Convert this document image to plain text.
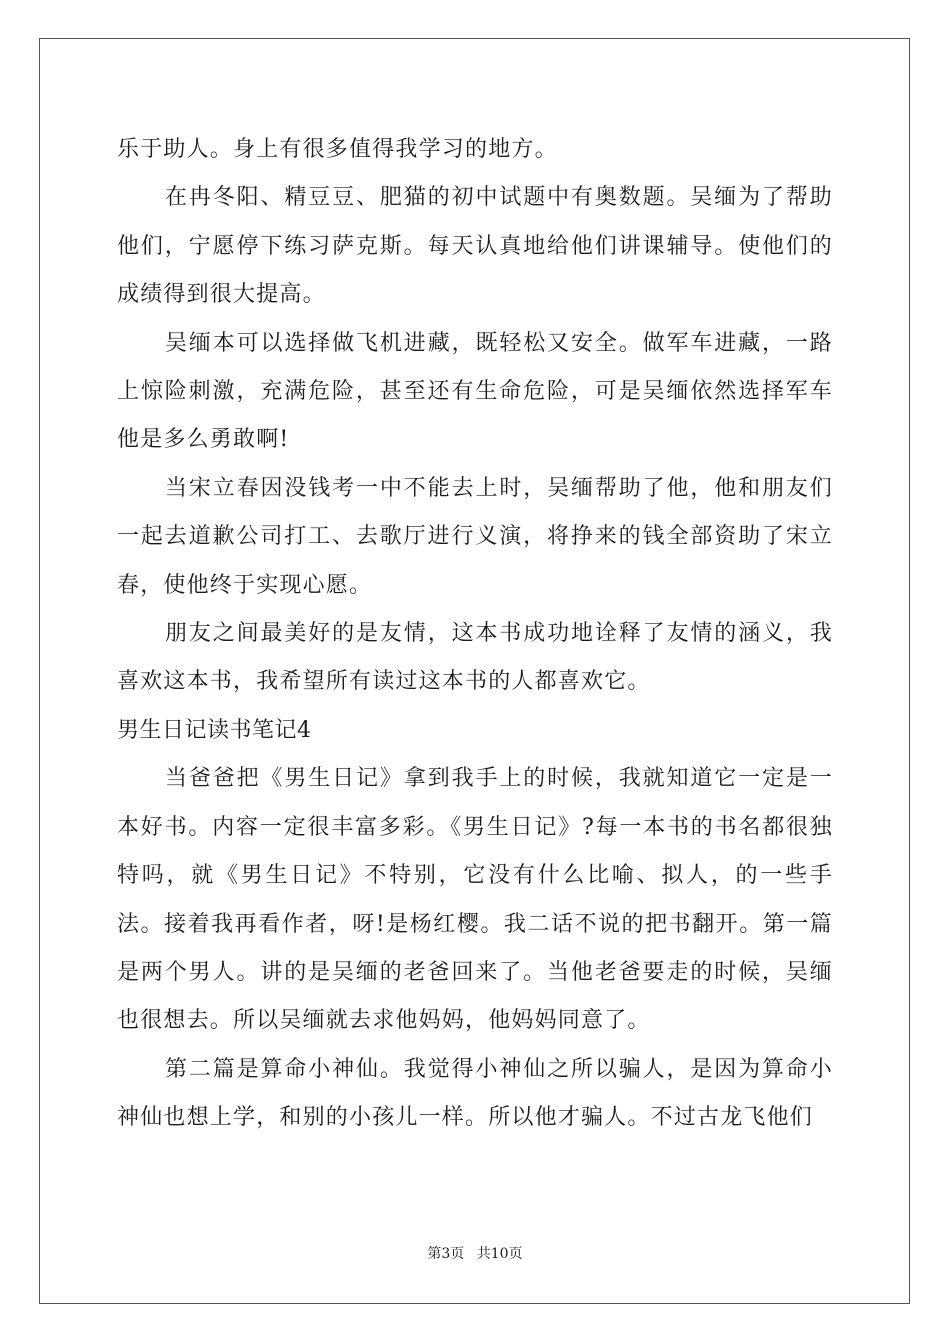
乐于助人。身上有很多值得我学习的地方。

在冉冬阳、精豆豆、肥猫的初中试题中有奥数题。吴缅为了帮助他们，宁愿停下练习萨克斯。每天认真地给他们讲课辅导。使他们的成绩得到很大提高。

吴缅本可以选择做飞机进藏，既轻松又安全。做军车进藏，一路上惊险刺激，充满危险，甚至还有生命危险，可是吴缅依然选择军车他是多么勇敢啊!

当宋立春因没钱考一中不能去上时，吴缅帮助了他，他和朋友们一起去道歉公司打工、去歌厅进行义演，将挣来的钱全部资助了宋立春，使他终于实现心愿。

朋友之间最美好的是友情，这本书成功地诠释了友情的涵义，我喜欢这本书，我希望所有读过这本书的人都喜欢它。

男生日记读书笔记4

当爸爸把《男生日记》拿到我手上的时候，我就知道它一定是一本好书。内容一定很丰富多彩。《男生日记》?每一本书的书名都很独特吗，就《男生日记》不特别，它没有什么比喻、拟人，的一些手法。接着我再看作者，呀!是杨红樱。我二话不说的把书翻开。第一篇是两个男人。讲的是吴缅的老爸回来了。当他老爸要走的时候，吴缅也很想去。所以吴缅就去求他妈妈，他妈妈同意了。

第二篇是算命小神仙。我觉得小神仙之所以骗人，是因为算命小神仙也想上学，和别的小孩儿一样。所以他才骗人。不过古龙飞他们

第3页 共10页
